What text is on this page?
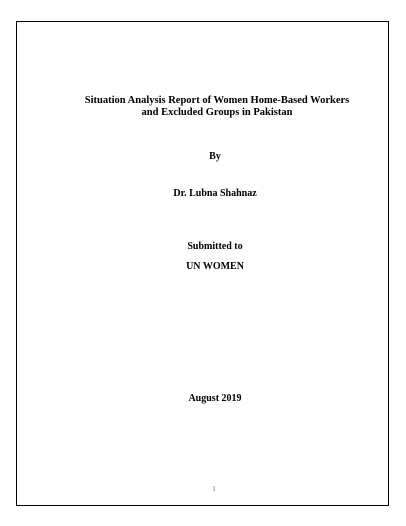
Situation Analysis Report of Women Home-Based Workers
and Excluded Groups in Pakistan
By
Dr. Lubna Shahnaz
Submitted to
UN WOMEN
August 2019
1
